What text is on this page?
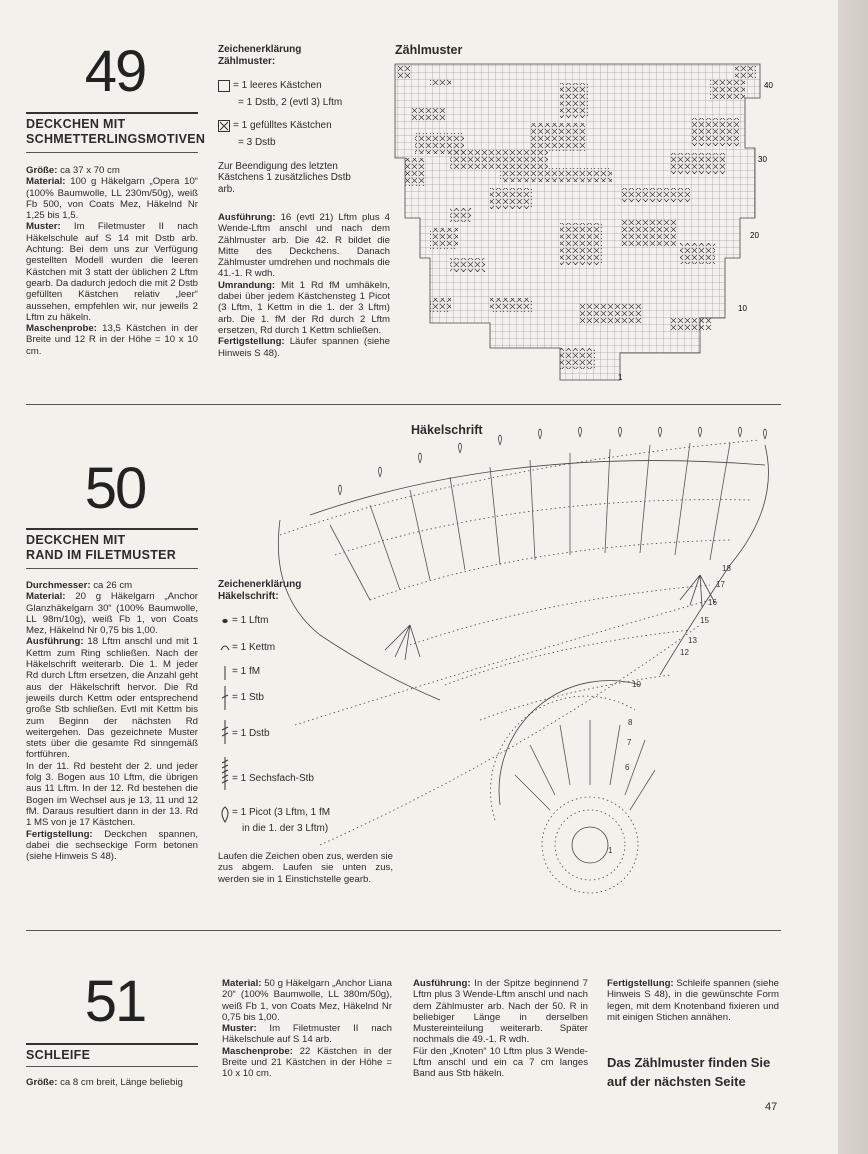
49
DECKCHEN MIT
SCHMETTERLINGSMOTIVEN

Größe: ca 37 x 70 cm

Material: 100 g Häkelgarn „Opera 10“ (100% Baumwolle, LL 230m/50g), weiß Fb 500, von Coats Mez, Häkelnd Nr 1,25 bis 1,5.

Muster: Im Filetmuster II nach Häkelschule auf S 14 mit Dstb arb. Achtung: Bei dem uns zur Verfügung gestellten Modell wurden die leeren Kästchen mit 3 statt der üblichen 2 Lftm gearb. Da dadurch jedoch die mit 2 Dstb gefüllten Kästchen relativ „leer“ aussehen, empfehlen wir, nur jeweils 2 Lftm zu häkeln.

Maschenprobe: 13,5 Kästchen in der Breite und 12 R in der Höhe = 10 x 10 cm.

Zeichenerklärung
Zählmuster:
= 1 leeres Kästchen
= 1 Dstb, 2 (evtl 3) Lftm
= 1 gefülltes Kästchen
= 3 Dstb
Zur Beendigung des letzten Kästchens 1 zusätzliches Dstb arb.

Ausführung: 16 (evtl 21) Lftm plus 4 Wende-Lftm anschl und nach dem Zählmuster arb. Die 42. R bildet die Mitte des Deckchens. Danach Zählmuster umdrehen und nochmals die 41.-1. R wdh.

Umrandung: Mit 1 Rd fM umhäkeln, dabei über jedem Kästchensteg 1 Picot (3 Lftm, 1 Kettm in die 1. der 3 Lftm) arb. Die 1. fM der Rd durch 2 Lftm ersetzen, Rd durch 1 Kettm schließen.

Fertigstellung: Läufer spannen (siehe Hinweis S 48).

Zählmuster
40
30
20
10
1
50
DECKCHEN MIT
RAND IM FILETMUSTER

Durchmesser: ca 26 cm

Material: 20 g Häkelgarn „Anchor Glanzhäkelgarn 30“ (100% Baumwolle, LL 98m/10g), weiß Fb 1, von Coats Mez, Häkelnd Nr 0,75 bis 1,00.

Ausführung: 18 Lftm anschl und mit 1 Kettm zum Ring schließen. Nach der Häkelschrift weiterarb. Die 1. M jeder Rd durch Lftm ersetzen, die Anzahl geht aus der Häkelschrift hervor. Die Rd jeweils durch Kettm oder entsprechend große Stb schließen. Evtl mit Kettm bis zum Beginn der nächsten Rd weitergehen. Das gezeichnete Muster stets über die gesamte Rd sinngemäß fortführen.

In der 11. Rd besteht der 2. und jeder folg 3. Bogen aus 10 Lftm, die übrigen aus 11 Lftm. In der 12. Rd bestehen die Bogen im Wechsel aus je 13, 11 und 12 fM. Daraus resultiert dann in der 13. Rd 1 MS von je 17 Kästchen.

Fertigstellung: Deckchen spannen, dabei die sechseckige Form betonen (siehe Hinweis S 48).

Zeichenerklärung
Häkelschrift:
= 1 Lftm
= 1 Kettm
= 1 fM
= 1 Stb
= 1 Dstb
= 1 Sechsfach-Stb
= 1 Picot (3 Lftm, 1 fM
in die 1. der 3 Lftm)
Laufen die Zeichen oben zus, werden sie zus abgem. Laufen sie unten zus, werden sie in 1 Einstichstelle gearb.
Häkelschrift
1
6
7
8
10
12
13
15
16
17
18
51
SCHLEIFE
Größe: ca 8 cm breit, Länge beliebig

Material: 50 g Häkelgarn „Anchor Liana 20“ (100% Baumwolle, LL 380m/50g), weiß Fb 1, von Coats Mez, Häkelnd Nr 0,75 bis 1,00.

Muster: Im Filetmuster II nach Häkelschule auf S 14 arb.

Maschenprobe: 22 Kästchen in der Breite und 21 Kästchen in der Höhe = 10 x 10 cm.

Ausführung: In der Spitze beginnend 7 Lftm plus 3 Wende-Lftm anschl und nach dem Zählmuster arb. Nach der 50. R in beliebiger Länge in derselben Mustereinteilung weiterarb. Später nochmals die 49.-1. R wdh.

Für den „Knoten“ 10 Lftm plus 3 Wende-Lftm anschl und ein ca 7 cm langes Band aus Stb häkeln.

Fertigstellung: Schleife spannen (siehe Hinweis S 48), in die gewünschte Form legen, mit dem Knotenband fixieren und mit einigen Stichen annähen.

Das Zählmuster finden Sie
auf der nächsten Seite
47
